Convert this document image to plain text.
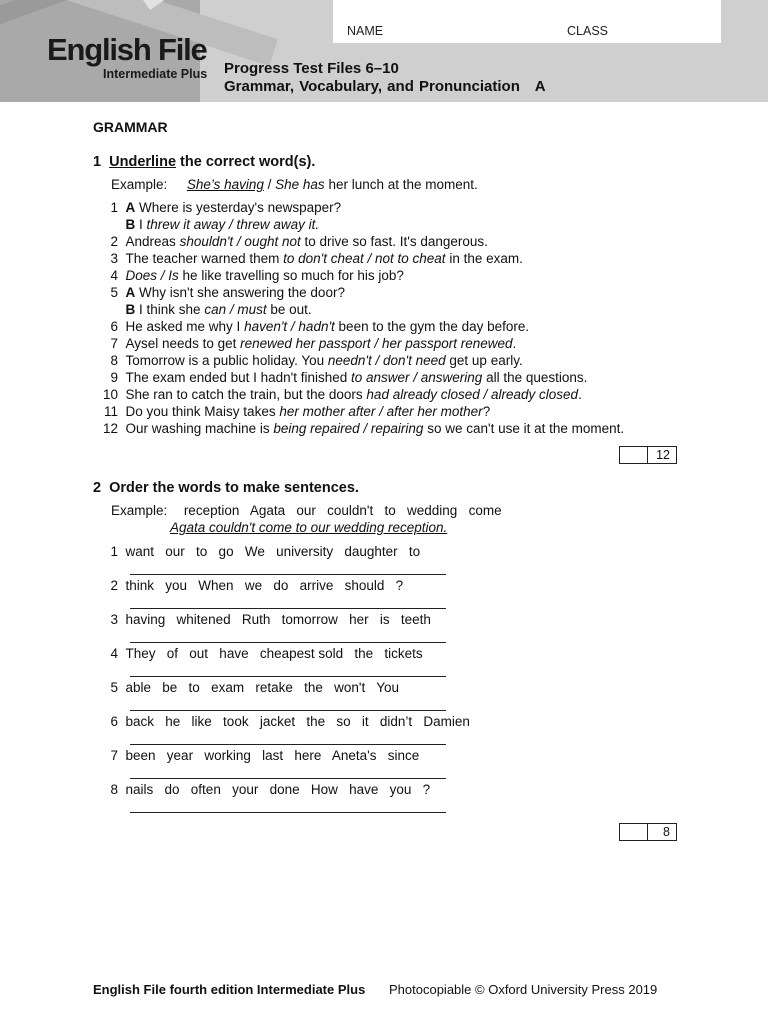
English File
Intermediate Plus
NAME	CLASS
Progress Test Files 6–10
Grammar, Vocabulary, and Pronunciation   A
GRAMMAR
1 Underline the correct word(s).
Example: She’s having / She has her lunch at the moment.
1 A Where is yesterday's newspaper?
B I threw it away / threw away it.
2 Andreas shouldn't / ought not to drive so fast. It's dangerous.
3 The teacher warned them to don't cheat / not to cheat in the exam.
4 Does / Is he like travelling so much for his job?
5 A Why isn't she answering the door?
B I think she can / must be out.
6 He asked me why I haven't / hadn't been to the gym the day before.
7 Aysel needs to get renewed her passport / her passport renewed.
8 Tomorrow is a public holiday. You needn't / don't need get up early.
9 The exam ended but I hadn't finished to answer / answering all the questions.
10 She ran to catch the train, but the doors had already closed / already closed.
11 Do you think Maisy takes her mother after / after her mother?
12 Our washing machine is being repaired / repairing so we can't use it at the moment.
12
2 Order the words to make sentences.
Example: reception   Agata   our   couldn't   to   wedding   come
Agata couldn't come to our wedding reception.
1 want   our   to   go   We   university   daughter   to
2 think   you   When   we   do   arrive   should   ?
3 having   whitened   Ruth   tomorrow   her   is   teeth
4 They   of   out   have   cheapest sold   the   tickets
5 able   be   to   exam   retake   the   won't   You
6 back   he   like   took   jacket   the   so   it   didn’t   Damien
7 been   year   working   last   here   Aneta's   since
8 nails   do   often   your   done   How   have   you   ?
8
English File fourth edition Intermediate Plus Photocopiable © Oxford University Press 2019
